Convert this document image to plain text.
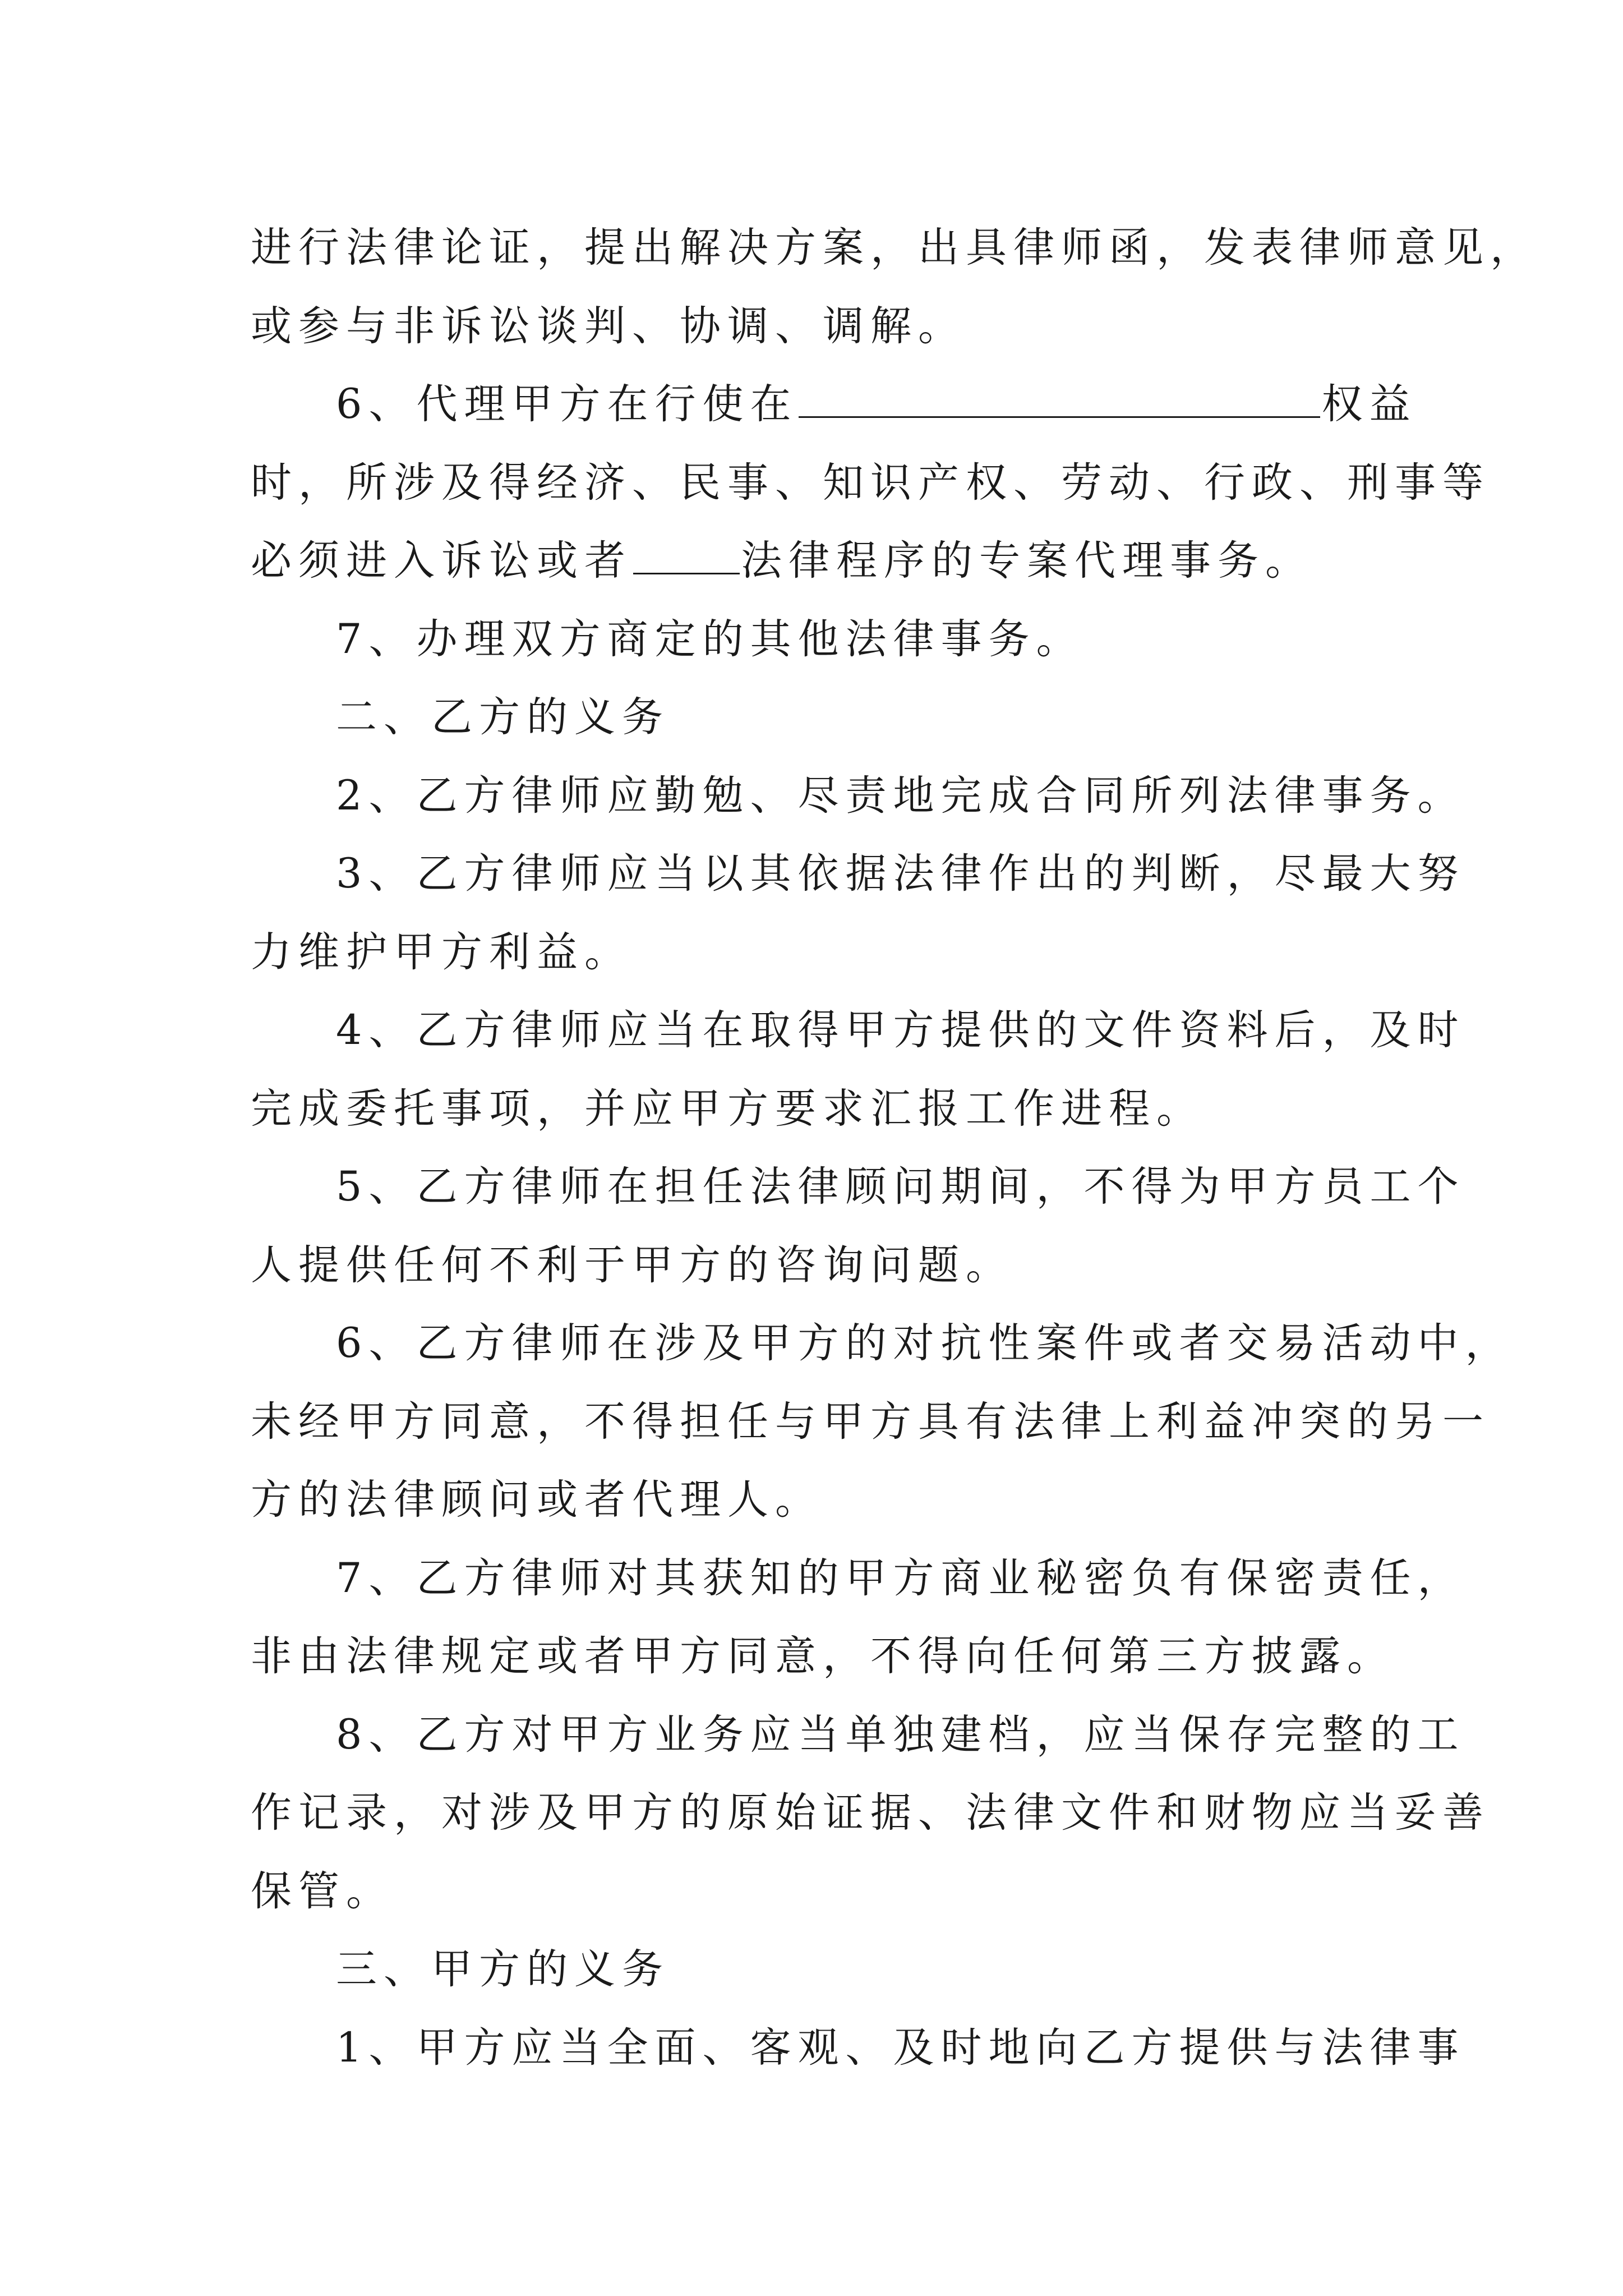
进行法律论证，提出解决方案，出具律师函，发表律师意见，
或参与非诉讼谈判、协调、调解。
6、代理甲方在行使在	权益
时，所涉及得经济、民事、知识产权、劳动、行政、刑事等
必须进入诉讼或者	法律程序的专案代理事务。
7、办理双方商定的其他法律事务。
二、乙方的义务
2、乙方律师应勤勉、尽责地完成合同所列法律事务。
3、乙方律师应当以其依据法律作出的判断，尽最大努
力维护甲方利益。
4、乙方律师应当在取得甲方提供的文件资料后，及时
完成委托事项，并应甲方要求汇报工作进程。
5、乙方律师在担任法律顾问期间，不得为甲方员工个
人提供任何不利于甲方的咨询问题。
6、乙方律师在涉及甲方的对抗性案件或者交易活动中，
未经甲方同意，不得担任与甲方具有法律上利益冲突的另一
方的法律顾问或者代理人。
7、乙方律师对其获知的甲方商业秘密负有保密责任，
非由法律规定或者甲方同意，不得向任何第三方披露。
8、乙方对甲方业务应当单独建档，应当保存完整的工
作记录，对涉及甲方的原始证据、法律文件和财物应当妥善
保管。
三、甲方的义务
1、甲方应当全面、客观、及时地向乙方提供与法律事
